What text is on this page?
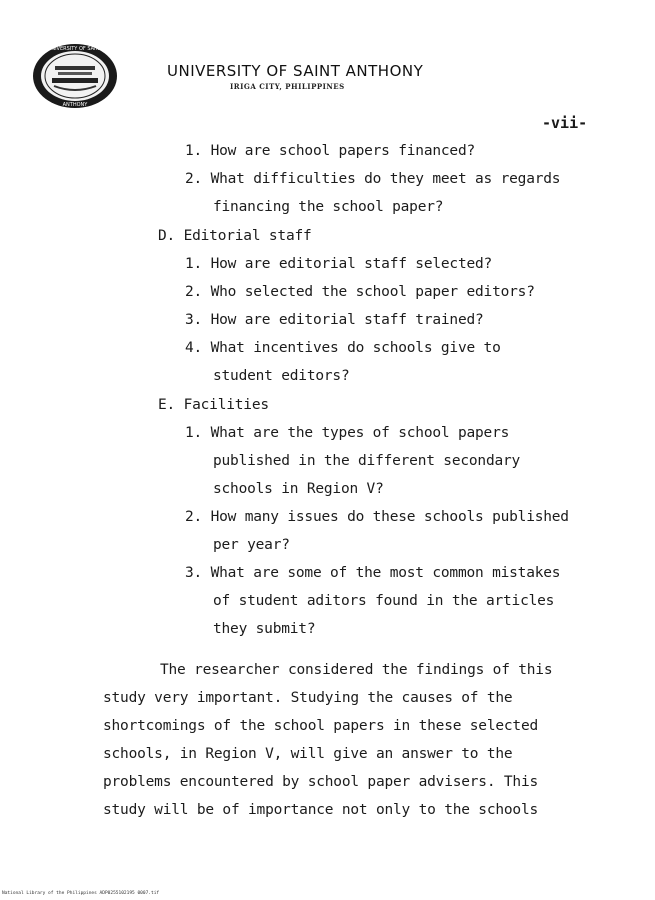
UNIVERSITY OF SAINT
ANTHONY
UNIVERSITY OF SAINT ANTHONY
IRIGA CITY, PHILIPPINES
-vii-
1. How are school papers financed?
2. What difficulties do they meet as regards
financing the school paper?
D. Editorial staff
1. How are editorial staff selected?
2. Who selected the school paper editors?
3. How are editorial staff trained?
4. What incentives do schools give to
student editors?
E. Facilities
1. What are the types of school papers
published in the different secondary
schools in Region V?
2. How many issues do these schools published
per year?
3. What are some of the most common mistakes
of student aditors found in the articles
they submit?
The researcher considered the findings of this
study very important. Studying the causes of the
shortcomings of the school papers in these selected
schools, in Region V, will give an answer to the
problems encountered by school paper advisers. This
study will be of importance not only to the schools
National Library of the Philippines ADP0255102195 0007.tif
